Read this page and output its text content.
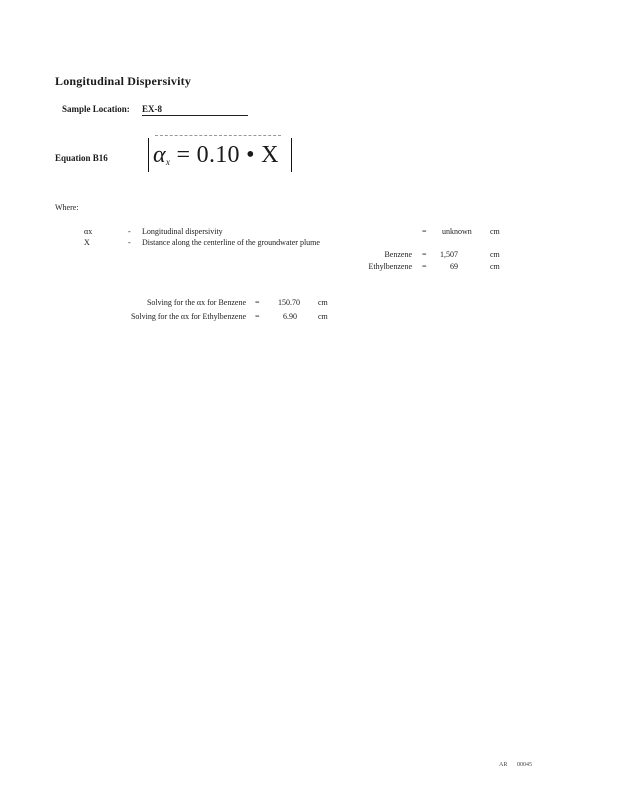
Longitudinal Dispersivity
Sample Location: EX-8
Equation B16 $\alpha_x = 0.10$ • X
Where:
αx	- Longitudinal dispersivity	= unknown cm
X	- Distance along the centerline of the groundwater plume
Benzene = 1,507	cm
Ethylbenzene =	69	cm
Solving for the αx for Benzene = 150.70 cm
Solving for the αx for Ethylbenzene =	6.90	cm
AR 00045
